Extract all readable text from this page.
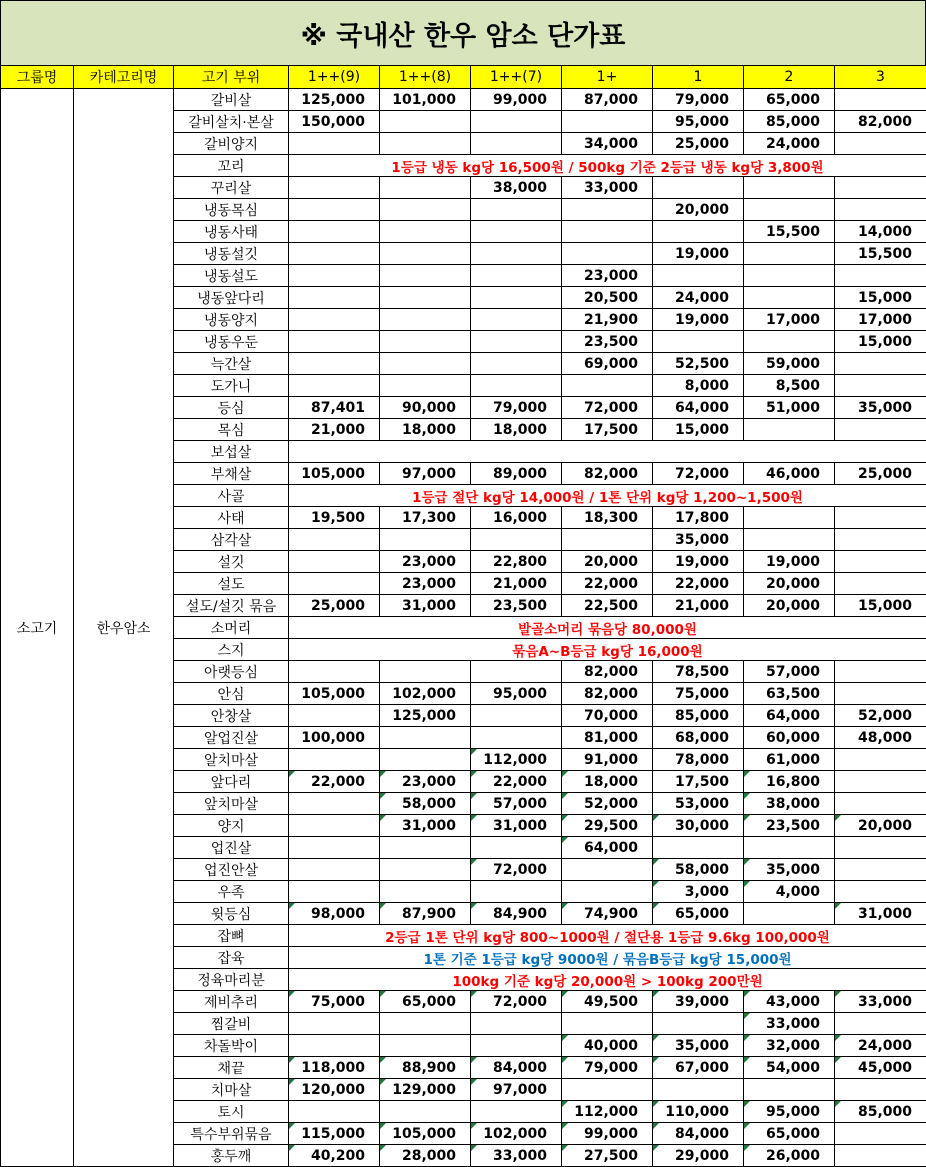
※ 국내산 한우 암소 단가표
그룹명	카테고리명	고기 부위	1++(9)	1++(8)	1++(7)	1+	1	2	3
소고기	한우암소	갈비살	125,000	101,000	99,000	87,000	79,000	65,000	
		갈비살치·본살	150,000				95,000	85,000	82,000
		갈비양지				34,000	25,000	24,000	
		꼬리	1등급 냉동 kg당 16,500원 / 500kg 기준 2등급 냉동 kg당 3,800원						
		꾸리살			38,000	33,000			
		냉동목심					20,000		
		냉동사태						15,500	14,000
		냉동설깃					19,000		15,500
		냉동설도				23,000			
		냉동앞다리				20,500	24,000		15,000
		냉동양지				21,900	19,000	17,000	17,000
		냉동우둔				23,500			15,000
		늑간살				69,000	52,500	59,000	
		도가니					8,000	8,500	
		등심	87,401	90,000	79,000	72,000	64,000	51,000	35,000
		목심	21,000	18,000	18,000	17,500	15,000		
		보섭살							
		부채살	105,000	97,000	89,000	82,000	72,000	46,000	25,000
		사골	1등급 절단 kg당 14,000원 / 1톤 단위 kg당 1,200~1,500원						
		사태	19,500	17,300	16,000	18,300	17,800		
		삼각살					35,000		
		설깃		23,000	22,800	20,000	19,000	19,000	
		설도		23,000	21,000	22,000	22,000	20,000	
		설도/설깃 묶음	25,000	31,000	23,500	22,500	21,000	20,000	15,000
		소머리	발골소머리 묶음당 80,000원						
		스지	묶음A~B등급 kg당 16,000원						
		아랫등심				82,000	78,500	57,000	
		안심	105,000	102,000	95,000	82,000	75,000	63,500	
		안창살		125,000		70,000	85,000	64,000	52,000
		알업진살	100,000			81,000	68,000	60,000	48,000
		알치마살			112,000	91,000	78,000	61,000	
		앞다리	22,000	23,000	22,000	18,000	17,500	16,800	
		앞치마살		58,000	57,000	52,000	53,000	38,000	
		양지		31,000	31,000	29,500	30,000	23,500	20,000
		업진살				64,000			
		업진안살			72,000		58,000	35,000	
		우족					3,000	4,000	
		윗등심	98,000	87,900	84,900	74,900	65,000		31,000
		잡뼈	2등급 1톤 단위 kg당 800~1000원 / 절단용 1등급 9.6kg 100,000원						
		잡육	1톤 기준 1등급 kg당 9000원 / 묶음B등급 kg당 15,000원						
		정육마리분	100kg 기준 kg당 20,000원 > 100kg 200만원						
		제비추리	75,000	65,000	72,000	49,500	39,000	43,000	33,000
		찜갈비						33,000	
		차돌박이				40,000	35,000	32,000	24,000
		채끝	118,000	88,900	84,000	79,000	67,000	54,000	45,000
		치마살	120,000	129,000	97,000				
		토시				112,000	110,000	95,000	85,000
		특수부위묶음	115,000	105,000	102,000	99,000	84,000	65,000	
		홍두깨	40,200	28,000	33,000	27,500	29,000	26,000	
